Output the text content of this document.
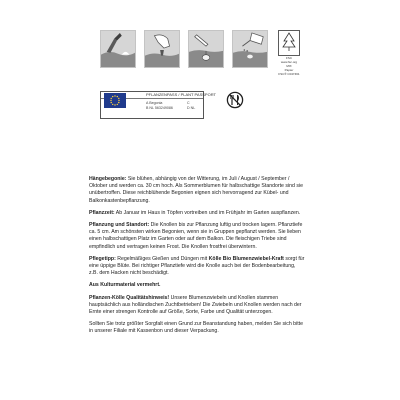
FSC
www.fsc.org
MIX
Papier
FSC® C047461
PFLANZENPASS / PLANT PASSPORT
A Begonia
B NL 563249086
C
D NL

Hängebegonie: Sie blühen, abhängig von der Witterung, im Juli / August / September / Oktober und werden ca. 30 cm hoch. Als Sommerblumen für halbschattige Standorte sind sie unübertroffen. Diese reichblühende Begonien eignen sich hervorragend zur Kübel- und Balkonkastenbepflanzung.

Pflanzzeit: Ab Januar im Haus in Töpfen vortreiben und im Frühjahr im Garten auspflanzen.

Pflanzung und Standort: Die Knollen bis zur Pflanzung luftig und trocken lagern. Pflanztiefe ca. 5 cm. Am schönsten wirken Begonien, wenn sie in Gruppen gepflanzt werden. Sie lieben einen halbschattigen Platz im Garten oder auf dem Balkon. Die fleischigen Triebe sind empfindlich und vertragen keinen Frost. Die Knollen frostfrei überwintern.

Pflegetipp: Regelmäßiges Gießen und Düngen mit Kölle Bio Blumenzwiebel-Kraft sorgt für eine üppige Blüte. Bei richtiger Pflanztiefe wird die Knolle auch bei der Bodenbearbeitung, z.B. dem Hacken nicht beschädigt.

Aus Kulturmaterial vermehrt.

Pflanzen-Kölle Qualitätshinweis! Unsere Blumenzwiebeln und Knollen stammen hauptsächlich aus holländischen Zuchtbetrieben! Die Zwiebeln und Knollen werden nach der Ernte einer strengen Kontrolle auf Größe, Sorte, Farbe und Qualität unterzogen.

Sollten Sie trotz größter Sorgfalt einen Grund zur Beanstandung haben, melden Sie sich bitte in unserer Filiale mit Kassenbon und dieser Verpackung.
